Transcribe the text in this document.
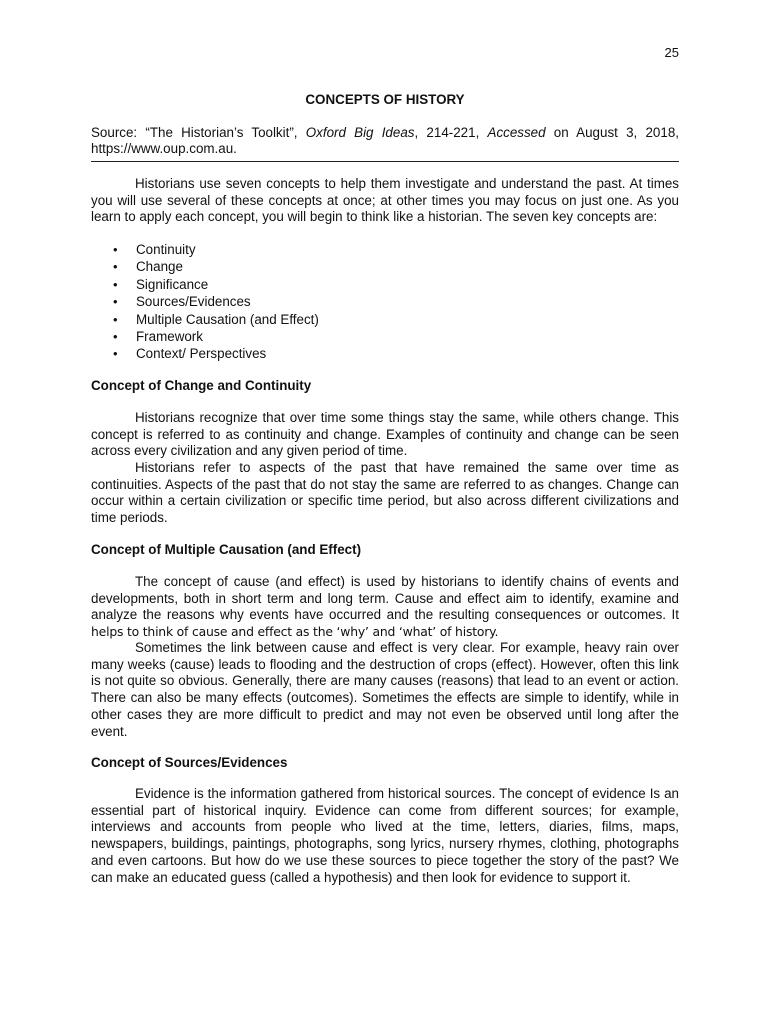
25
CONCEPTS OF HISTORY
Source: “The Historian’s Toolkit”, Oxford Big Ideas, 214-221, Accessed on August 3, 2018, https://www.oup.com.au.

Historians use seven concepts to help them investigate and understand the past. At times you will use several of these concepts at once; at other times you may focus on just one. As you learn to apply each concept, you will begin to think like a historian. The seven key concepts are:

• Continuity
• Change
• Significance
• Sources/Evidences
• Multiple Causation (and Effect)
• Framework
• Context/ Perspectives
Concept of Change and Continuity

Historians recognize that over time some things stay the same, while others change. This concept is referred to as continuity and change. Examples of continuity and change can be seen across every civilization and any given period of time.

Historians refer to aspects of the past that have remained the same over time as continuities. Aspects of the past that do not stay the same are referred to as changes. Change can occur within a certain civilization or specific time period, but also across different civilizations and time periods.

Concept of Multiple Causation (and Effect)
The concept of cause (and effect) is used by historians to identify chains of events and developments, both in short term and long term. Cause and effect aim to identify, examine and analyze the reasons why events have occurred and the resulting consequences or outcomes. It helps to think of cause and effect as the ‘why’ and ‘what’ of history.

Sometimes the link between cause and effect is very clear. For example, heavy rain over many weeks (cause) leads to flooding and the destruction of crops (effect). However, often this link is not quite so obvious. Generally, there are many causes (reasons) that lead to an event or action. There can also be many effects (outcomes). Sometimes the effects are simple to identify, while in other cases they are more difficult to predict and may not even be observed until long after the event.

Concept of Sources/Evidences

Evidence is the information gathered from historical sources. The concept of evidence Is an essential part of historical inquiry. Evidence can come from different sources; for example, interviews and accounts from people who lived at the time, letters, diaries, films, maps, newspapers, buildings, paintings, photographs, song lyrics, nursery rhymes, clothing, photographs and even cartoons. But how do we use these sources to piece together the story of the past? We can make an educated guess (called a hypothesis) and then look for evidence to support it.
